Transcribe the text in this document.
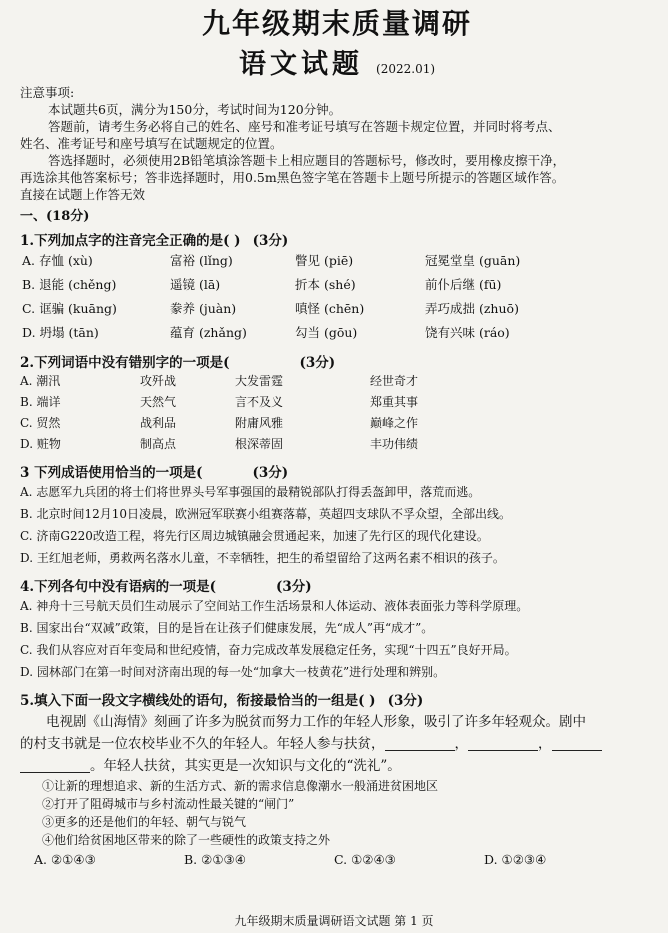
九年级期末质量调研
语文试题 (2022.01)
注意事项:
本试题共6页，满分为150分，考试时间为120分钟。
答题前，请考生务必将自己的姓名、座号和准考证号填写在答题卡规定位置，并同时将考点、
姓名、准考证号和座号填写在试题规定的位置。
答选择题时，必须使用2B铅笔填涂答题卡上相应题目的答题标号，修改时，要用橡皮擦干净，
再选涂其他答案标号；答非选择题时，用0.5m黑色签字笔在答题卡上题号所提示的答题区域作答。
直接在试题上作答无效
一、(18分)
1.下列加点字的注音完全正确的是( ) (3分)
A. 存恤 (xù)	富裕 (lǐng)	瞥见 (piē)	冠冕堂皇 (guān)
B. 退能 (chěng)	遥镜 (lā)	折本 (shé)	前仆后继 (fū)
C. 诓骗 (kuāng)	豢养 (juàn)	嗔怪 (chēn)	弄巧成拙 (zhuō)
D. 坍塌 (tān)	蕴育 (zhǎng)	勾当 (gōu)	饶有兴味 (ráo)
2.下列词语中没有错别字的一项是(	(3分)
A. 潮汛	攻歼战	大发雷霆	经世奇才
B. 端详	天然气	言不及义	郑重其事
C. 贸然	战利品	附庸风雅	巅峰之作
D. 赃物	制高点	根深蒂固	丰功伟绩
3 下列成语使用恰当的一项是(	(3分)
A. 志愿军九兵团的将士们将世界头号军事强国的最精锐部队打得丢盔卸甲，落荒而逃。
B. 北京时间12月10日凌晨，欧洲冠军联赛小组赛落幕，英超四支球队不孚众望，全部出线。
C. 济南G220改造工程，将先行区周边城镇融会贯通起来，加速了先行区的现代化建设。
D. 王红旭老师，勇救两名落水儿童，不幸牺牲，把生的希望留给了这两名素不相识的孩子。
4.下列各句中没有语病的一项是(	(3分)
A. 神舟十三号航天员们生动展示了空间站工作生活场景和人体运动、液体表面张力等科学原理。
B. 国家出台“双减”政策，目的是旨在让孩子们健康发展，先“成人”再“成才”。
C. 我们从容应对百年变局和世纪疫情，奋力完成改革发展稳定任务，实现“十四五”良好开局。
D. 园林部门在第一时间对济南出现的每一处“加拿大一枝黄花”进行处理和辨别。
5.填入下面一段文字横线处的语句，衔接最恰当的一组是( ) (3分)
电视剧《山海情》刻画了许多为脱贫而努力工作的年轻人形象，吸引了许多年轻观众。剧中
的村支书就是一位农校毕业不久的年轻人。年轻人参与扶贫，	，	，
。年轻人扶贫，其实更是一次知识与文化的“洗礼”。
①让新的理想追求、新的生活方式、新的需求信息像潮水一般涌进贫困地区
②打开了阻碍城市与乡村流动性最关键的“闸门”
③更多的还是他们的年轻、朝气与锐气
④他们给贫困地区带来的除了一些硬性的政策支持之外
A. ②①④③	B. ②①③④	C. ①②④③	D. ①②③④
九年级期末质量调研语文试题 第 1 页
